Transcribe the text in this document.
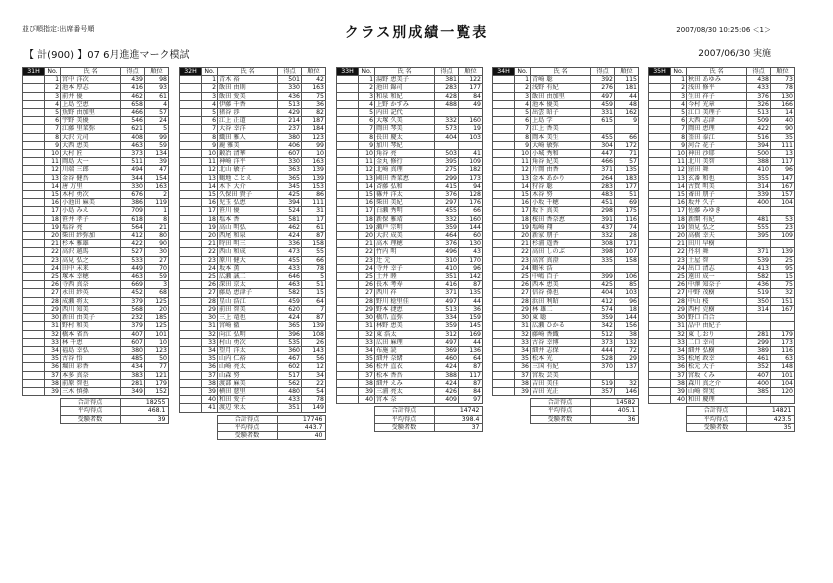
並び順指定:出席番号順	クラス別成績一覧表	2007/08/30 10:25:06 ＜1＞
【 計(900) 】07 6月進進マーク模試	2007/06/30 実施
31H	No.	氏 名	得点	順位
	1	宮中 洋次	439	98
	2	池本 厚志	416	93
	3	前井 優	462	61
	4	上島 空恵	658	4
	5	魚野 由加里	466	57
	6	宇野 美優	546	24
	7	江藤 里菜弥	621	5
	8	大沢 元司	408	99
	9	大西 恵美	463	59
	10	大村 匠	373	134
	11	岡島 大一	511	39
	12	川端 三郎	494	47
	13	金谷 健吾	344	154
	14	唐 万里	330	163
	15	木村 勇次	676	2
	16	小池田 麻美	386	119
	17	小島 みえ	709	1
	18	笹井 孝子	618	8
	19	塩谷 亮	564	21
	20	柴田 紗弥加	412	80
	21	杉本 雅雄	422	90
	22	高沢 越馬	527	30
	23	高見 弘之	533	27
	24	田中 未来	449	70
	25	塚本 幸穂	463	59
	26	寺西 真奈	669	3
	27	永田 紗英	452	68
	28	成瀬 将太	379	125
	29	西川 知美	568	20
	30	新田 由美子	232	185
	31	野村 和美	379	125
	32	橋本 省吾	407	101
	33	林 千恵	607	10
	34	福島 幸弘	380	123
	35	古谷 悟	485	50
	36	堀田 彩香	434	77
	37	本多 真奈	383	121
	38	前原 智也	281	179
	39	三木 慎孫	349	152
	合計得点	18255
	平均得点	468.1
	受験者数	39
32H	No.	氏 名	得点	順位
	1	青木 裕	501	42
	2	飯田 由則	330	163
	3	飯田 愛美	436	75
	4	伊藤 千香	513	36
	5	猪谷 渉	429	82
	6	江上 正道	214	187
	7	大谷 幸洋	237	184
	8	織田 雅人	380	123
	9	鹿 雅美	406	99
	10	鍛冶 清華	607	10
	11	神崎 洋平	330	163
	12	北山 敏子	363	139
	13	鶴地 ことえ	365	139
	14	木下 大介	345	153
	15	久保田 貴子	425	86
	16	児玉 弘恵	394	111
	17	笹川 優	524	31
	18	塩本 香	581	17
	19	高山 明弘	462	61
	20	西尾 和泉	424	87
	21	時田 明三	336	158
	22	西山 和成	473	55
	23	原川 健大	455	66
	24	坂本 薫	433	78
	25	広瀬 誠二	646	5
	26	深田 京太	463	51
	27	藤島 恵津子	582	15
	28	星山 浩江	459	64
	29	前田 智美	620	7
	30	三上 竜也	424	87
	31	宮崎 徹	365	139
	32	向江 弘明	396	108
	33	村山 勇次	535	26
	34	望月 洋太	360	143
	35	山内 仁裕	467	56
	36	山崎 亮太	602	12
	37	山森 努	517	34
	38	渡部 麻美	562	22
	39	横田 慈里	480	54
	40	和田 愛子	433	78
	41	渡辺 栄太	351	149
	合計得点	17746
	平均得点	443.7
	受験者数	40
33H	No.	氏 名	得点	順位
	1	湯野 恵美子	381	122
	2	池田 錦司	283	177
	3	和泉 和紀	428	84
	4	上野 かすみ	488	49
	5	内田 記代		
	6	大塚 久美	332	160
	7	岡田 琴美	573	19
	8	長田 慶太	404	103
	9	加川 琴紀		
	10	角谷 亮	503	41
	11	金丸 修行	395	109
	12	北崎 真理	275	182
	13	國田 香菜恵	299	173
	14	斉藤 弘和	415	94
	15	篠井 洋太	376	128
	16	柴田 美紀	297	176
	17	白瀬 秀明	455	66
	18	新保 雅靖	332	160
	19	瀬戸 宗明	359	144
	20	大沢 成美	464	60
	21	高木 理穂	376	130
	22	竹内 明	496	43
	23	辻 元	310	170
	24	寺井 幸子	410	96
	25	土井 睦	351	142
	26	長木 考寿	416	87
	27	西川 祥	371	135
	28	野川 稔里佳	497	44
	29	野本 捷恵	513	36
	30	橋爪 直弥	334	159
	31	林野 恵美	359	145
	32	東 浩太	312	169
	33	広田 麻理	497	44
	34	布施 読	369	136
	35	細井 奈緒	460	64
	36	松井 直衣	424	87
	37	松本 香吾	388	117
	38	細井 えみ	424	87
	39	三浦 亮太	426	84
	40	宮本 奈	409	97
	合計得点	14742
	平均得点	398.4
	受験者数	37
34H	No.	氏 名	得点	順位
	1	青崎 聡	392	115
	2	浅野 有紀	276	181
	3	飯田 由加里	497	44
	4	池本 優美	459	48
	5	出雲 昭子	331	162
	6	上島 学	615	9
	7	江上 香美		
	8	岡本 美生	455	66
	9	大崎 敏弥	304	172
	10	小城 秀和	447	71
	11	角谷 紀美	466	57
	12	片岡 由香	371	135
	13	金本 あかり	264	183
	14	狩谷 聡	283	177
	15	木谷 努	483	51
	16	小坂 千穂	451	69
	17	坂下 真美	298	175
	18	桜田 香奈恵	391	116
	19	塩崎 翔	437	74
	20	新家 朋子	332	28
	21	杉浦 遥香	308	171
	22	高田 しのぶ	398	107
	23	高宮 真澄	335	158
	24	鶴米 浩		
	25	中嶋 百子	399	106
	26	西本 恵美	425	85
	27	信谷 孫也	404	103
	28	浜田 利昭	412	96
	29	林 雄二	574	18
	30	東 聡	359	144
	31	広瀬 ひかる	342	156
	32	藤崎 香織	512	38
	33	古谷 幸博	373	132
	34	細井 志保	444	72
	35	松本 光	528	29
	36	三国 有紀	370	137
	37	宮坂 芸美		
	38	吉田 美佳	519	32
	39	吉田 光正	357	146
	合計得点	14582
	平均得点	405.1
	受験者数	36
35H	No.	氏 名	得点	順位
	1	秋田 あゆみ	438	73
	2	浅田 修平	433	78
	3	生田 祥子	376	130
	4	今村 光章	326	166
	5	江口 美理子	513	14
	6	大西 志津	509	40
	7	岡田 恵理	422	90
	8	釜田 泰江	516	35
	9	河合 花子	394	111
	10	神田 沙耶	500	13
	11	北川 美智	388	117
	12	窪田 舞	410	96
	13	玄番 和也	355	147
	14	古賀 明美	314	167
	15	斎田 朋子	339	157
	16	坂井 久子	400	104
	17	佐藤 みゆき		
	18	新開 有紀	481	53
	19	須見 弘之	555	23
	20	高橋 幸夫	395	109
	21	田川 早樹		
	22	丹羽 舞	371	139
	23	土屋 智	539	25
	24	出口 清志	413	95
	25	遠田 成一	582	15
	26	中澤 知奈子	436	75
	27	中野 茂樹	519	32
	28	中山 桜	350	151
	29	西村 克樹	314	167
	30	野口 百合		
	31	品中 由紀子		
	32	東 しおり	281	179
	33	二口 幸司	299	173
	34	細井 弘樹	389	116
	35	松尾 政幸	461	63
	36	松元 大子	352	148
	37	宮坂 くみ	407	101
	38	森川 真之介	400	104
	39	山崎 智実	385	120
	40	和田 慶理		
	合計得点	14821
	平均得点	423.5
	受験者数	35
